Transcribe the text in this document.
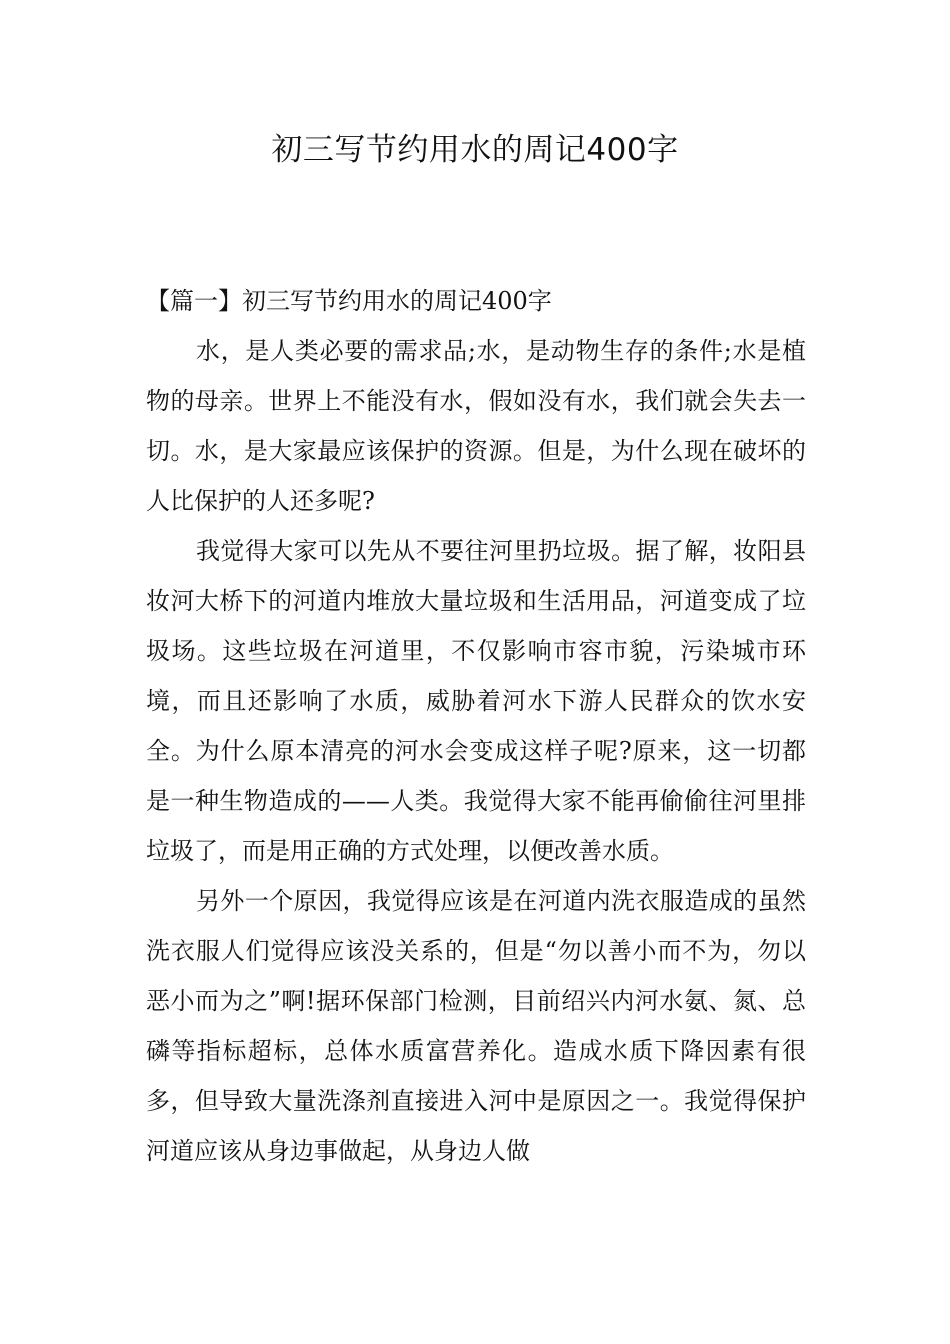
初三写节约用水的周记400字
【篇一】初三写节约用水的周记400字

水，是人类必要的需求品;水，是动物生存的条件;水是植物的母亲。世界上不能没有水，假如没有水，我们就会失去一切。水，是大家最应该保护的资源。但是，为什么现在破坏的人比保护的人还多呢?

我觉得大家可以先从不要往河里扔垃圾。据了解，妆阳县妆河大桥下的河道内堆放大量垃圾和生活用品，河道变成了垃圾场。这些垃圾在河道里，不仅影响市容市貌，污染城市环境，而且还影响了水质，威胁着河水下游人民群众的饮水安全。为什么原本清亮的河水会变成这样子呢?原来，这一切都是一种生物造成的——人类。我觉得大家不能再偷偷往河里排垃圾了，而是用正确的方式处理，以便改善水质。

另外一个原因，我觉得应该是在河道内洗衣服造成的虽然洗衣服人们觉得应该没关系的，但是“勿以善小而不为，勿以恶小而为之”啊!据环保部门检测，目前绍兴内河水氨、氮、总磷等指标超标，总体水质富营养化。造成水质下降因素有很多，但导致大量洗涤剂直接进入河中是原因之一。我觉得保护河道应该从身边事做起，从身边人做
